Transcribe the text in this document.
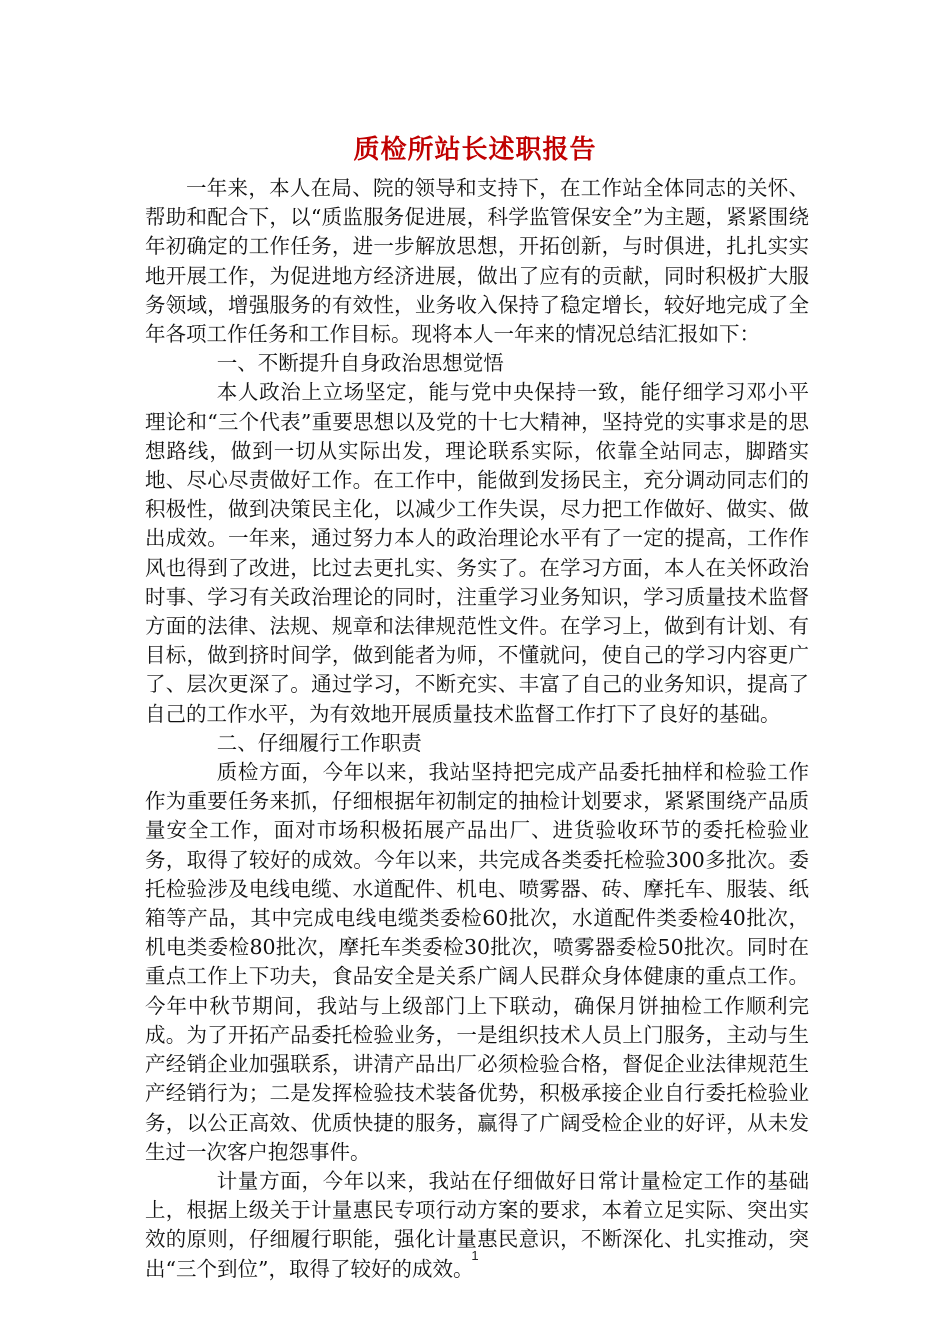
质检所站长述职报告

一年来，本人在局、院的领导和支持下，在工作站全体同志的关怀、帮助和配合下，以“质监服务促进展，科学监管保安全”为主题，紧紧围绕年初确定的工作任务，进一步解放思想，开拓创新，与时俱进，扎扎实实地开展工作，为促进地方经济进展，做出了应有的贡献，同时积极扩大服务领域，增强服务的有效性，业务收入保持了稳定增长，较好地完成了全年各项工作任务和工作目标。现将本人一年来的情况总结汇报如下：

一、不断提升自身政治思想觉悟

本人政治上立场坚定，能与党中央保持一致，能仔细学习邓小平理论和“三个代表”重要思想以及党的十七大精神，坚持党的实事求是的思想路线，做到一切从实际出发，理论联系实际，依靠全站同志，脚踏实地、尽心尽责做好工作。在工作中，能做到发扬民主，充分调动同志们的积极性，做到决策民主化，以减少工作失误，尽力把工作做好、做实、做出成效。一年来，通过努力本人的政治理论水平有了一定的提高，工作作风也得到了改进，比过去更扎实、务实了。在学习方面，本人在关怀政治时事、学习有关政治理论的同时，注重学习业务知识，学习质量技术监督方面的法律、法规、规章和法律规范性文件。在学习上，做到有计划、有目标，做到挤时间学，做到能者为师，不懂就问，使自己的学习内容更广了、层次更深了。通过学习，不断充实、丰富了自己的业务知识，提高了自己的工作水平，为有效地开展质量技术监督工作打下了良好的基础。

二、仔细履行工作职责

质检方面，今年以来，我站坚持把完成产品委托抽样和检验工作作为重要任务来抓，仔细根据年初制定的抽检计划要求，紧紧围绕产品质量安全工作，面对市场积极拓展产品出厂、进货验收环节的委托检验业务，取得了较好的成效。今年以来，共完成各类委托检验300多批次。委托检验涉及电线电缆、水道配件、机电、喷雾器、砖、摩托车、服装、纸箱等产品，其中完成电线电缆类委检60批次，水道配件类委检40批次，机电类委检80批次，摩托车类委检30批次，喷雾器委检50批次。同时在重点工作上下功夫，食品安全是关系广阔人民群众身体健康的重点工作。今年中秋节期间，我站与上级部门上下联动，确保月饼抽检工作顺利完成。为了开拓产品委托检验业务，一是组织技术人员上门服务，主动与生产经销企业加强联系，讲清产品出厂必须检验合格，督促企业法律规范生产经销行为；二是发挥检验技术装备优势，积极承接企业自行委托检验业务，以公正高效、优质快捷的服务，赢得了广阔受检企业的好评，从未发生过一次客户抱怨事件。

计量方面，今年以来，我站在仔细做好日常计量检定工作的基础上，根据上级关于计量惠民专项行动方案的要求，本着立足实际、突出实效的原则，仔细履行职能，强化计量惠民意识，不断深化、扎实推动，突出“三个到位”，取得了较好的成效。

1
